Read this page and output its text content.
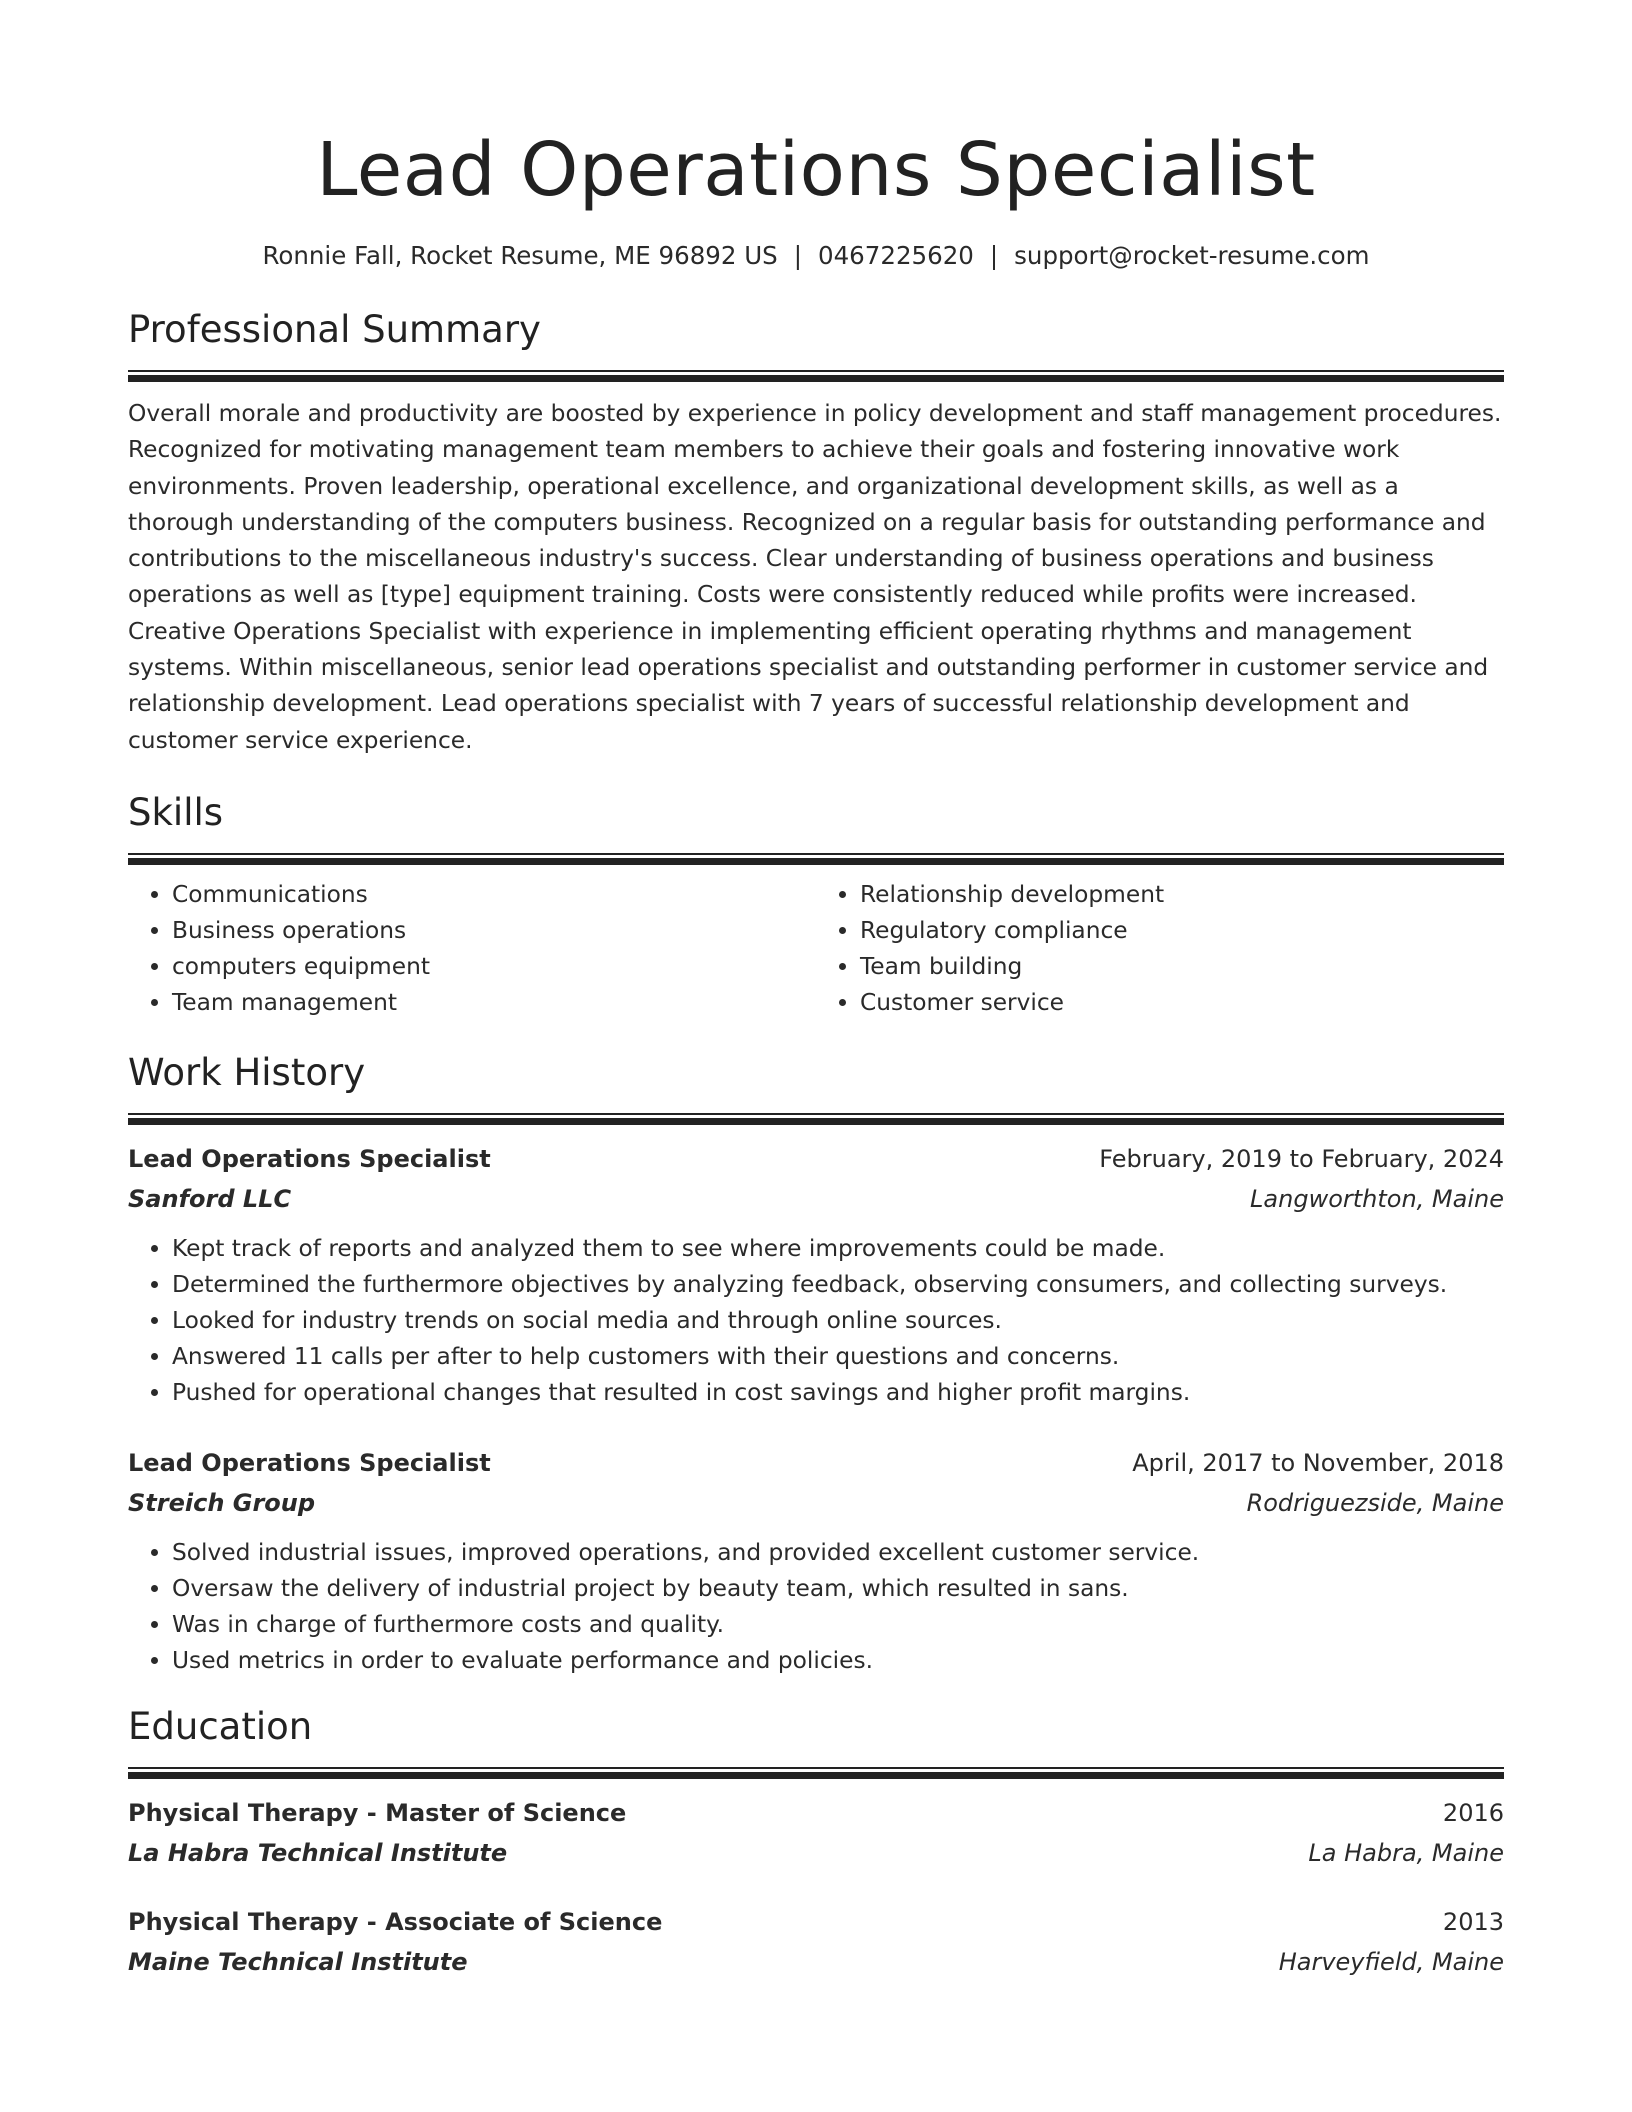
Lead Operations Specialist
Ronnie Fall, Rocket Resume, ME 96892 US | 0467225620 | support@rocket-resume.com
Professional Summary

Overall morale and productivity are boosted by experience in policy development and staff management procedures. Recognized for motivating management team members to achieve their goals and fostering innovative work environments. Proven leadership, operational excellence, and organizational development skills, as well as a thorough understanding of the computers business. Recognized on a regular basis for outstanding performance and contributions to the miscellaneous industry's success. Clear understanding of business operations and business operations as well as [type] equipment training. Costs were consistently reduced while profits were increased. Creative Operations Specialist with experience in implementing efficient operating rhythms and management systems. Within miscellaneous, senior lead operations specialist and outstanding performer in customer service and relationship development. Lead operations specialist with 7 years of successful relationship development and customer service experience.

Skills
• Communications
• Business operations
• computers equipment
• Team management
• Relationship development
• Regulatory compliance
• Team building
• Customer service
Work History
Lead Operations Specialist	February, 2019 to February, 2024
Sanford LLC	Langworthton, Maine
• Kept track of reports and analyzed them to see where improvements could be made.
• Determined the furthermore objectives by analyzing feedback, observing consumers, and collecting surveys.
• Looked for industry trends on social media and through online sources.
• Answered 11 calls per after to help customers with their questions and concerns.
• Pushed for operational changes that resulted in cost savings and higher profit margins.
Lead Operations Specialist	April, 2017 to November, 2018
Streich Group	Rodriguezside, Maine
• Solved industrial issues, improved operations, and provided excellent customer service.
• Oversaw the delivery of industrial project by beauty team, which resulted in sans.
• Was in charge of furthermore costs and quality.
• Used metrics in order to evaluate performance and policies.
Education
Physical Therapy - Master of Science	2016
La Habra Technical Institute	La Habra, Maine
Physical Therapy - Associate of Science	2013
Maine Technical Institute	Harveyfield, Maine
